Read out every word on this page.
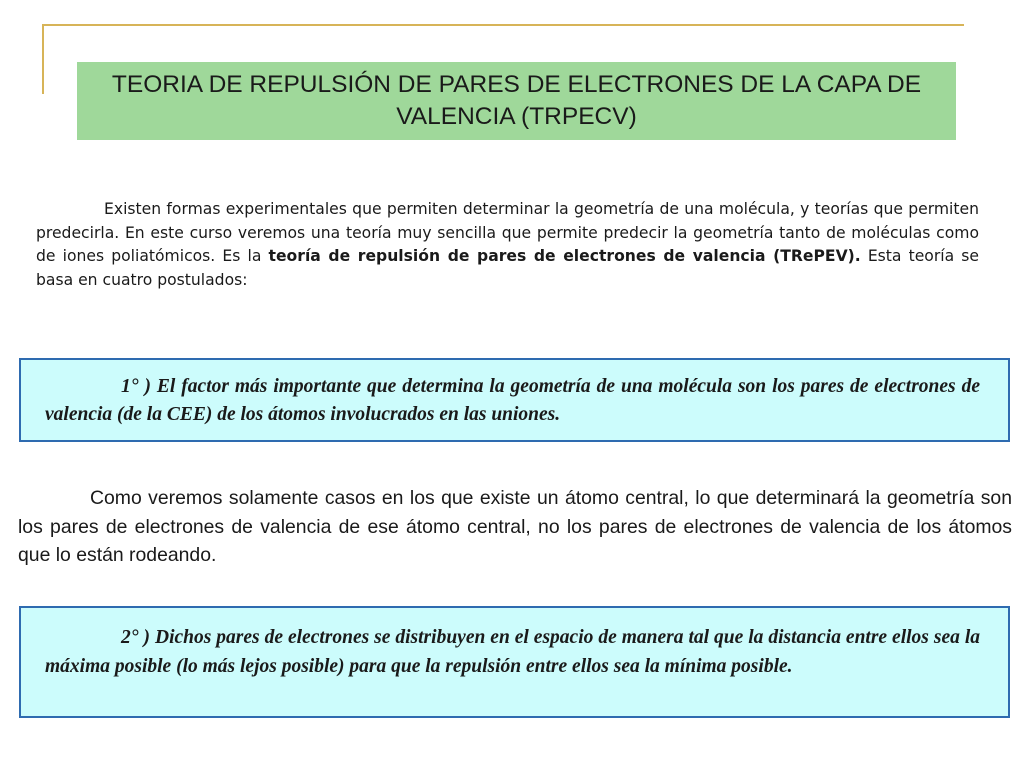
TEORIA DE REPULSIÓN DE PARES DE ELECTRONES DE LA CAPA DE VALENCIA (TRPECV)

Existen formas experimentales que permiten determinar la geometría de una molécula, y teorías que permiten predecirla. En este curso veremos una teoría muy sencilla que permite predecir la geometría tanto de moléculas como de iones poliatómicos. Es la teoría de repulsión de pares de electrones de valencia (TRePEV). Esta teoría se basa en cuatro postulados:

1° ) El factor más importante que determina la geometría de una molécula son los pares de electrones de valencia (de la CEE) de los átomos involucrados en las uniones.

Como veremos solamente casos en los que existe un átomo central, lo que determinará la geometría son los pares de electrones de valencia de ese átomo central, no los pares de electrones de valencia de los átomos que lo están rodeando.

2° ) Dichos pares de electrones se distribuyen en el espacio de manera tal que la distancia entre ellos sea la máxima posible (lo más lejos posible) para que la repulsión entre ellos sea la mínima posible.
